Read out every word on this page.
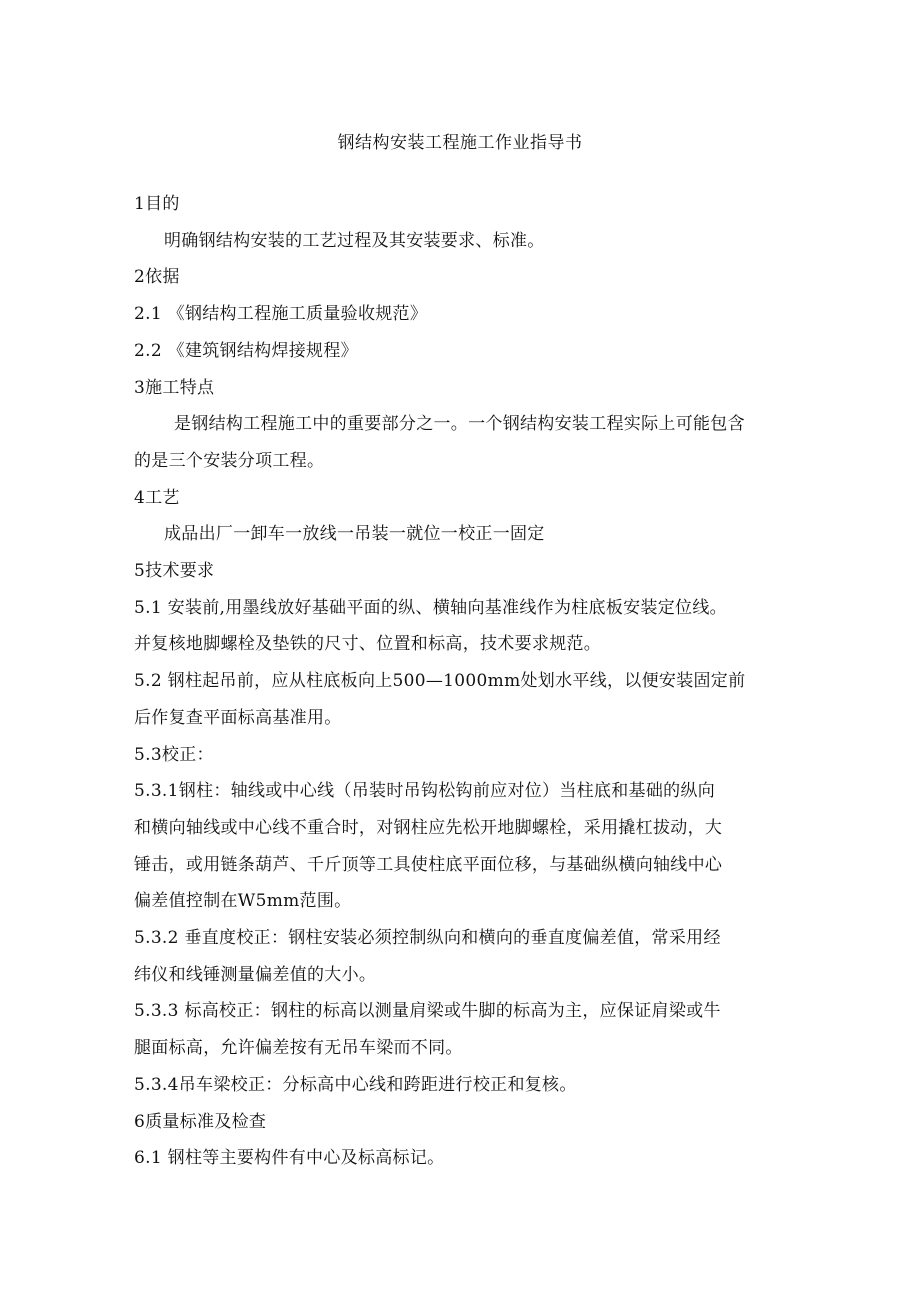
钢结构安装工程施工作业指导书
1目的
明确钢结构安装的工艺过程及其安装要求、标准。
2依据
2.1 《钢结构工程施工质量验收规范》
2.2 《建筑钢结构焊接规程》
3施工特点
是钢结构工程施工中的重要部分之一。一个钢结构安装工程实际上可能包含
的是三个安装分项工程。
4工艺
成品出厂一卸车一放线一吊装一就位一校正一固定
5技术要求
5.1 安装前,用墨线放好基础平面的纵、横轴向基准线作为柱底板安装定位线。
并复核地脚螺栓及垫铁的尺寸、位置和标高，技术要求规范。
5.2 钢柱起吊前，应从柱底板向上500—1000mm处划水平线，以便安装固定前
后作复查平面标高基准用。
5.3校正：
5.3.1钢柱：轴线或中心线（吊装时吊钩松钩前应对位）当柱底和基础的纵向
和横向轴线或中心线不重合时，对钢柱应先松开地脚螺栓，采用撬杠拔动，大
锤击，或用链条葫芦、千斤顶等工具使柱底平面位移，与基础纵横向轴线中心
偏差值控制在W5mm范围。
5.3.2 垂直度校正：钢柱安装必须控制纵向和横向的垂直度偏差值，常采用经
纬仪和线锤测量偏差值的大小。
5.3.3 标高校正：钢柱的标高以测量肩梁或牛脚的标高为主，应保证肩梁或牛
腿面标高，允许偏差按有无吊车梁而不同。
5.3.4吊车梁校正：分标高中心线和跨距进行校正和复核。
6质量标准及检查
6.1 钢柱等主要构件有中心及标高标记。
